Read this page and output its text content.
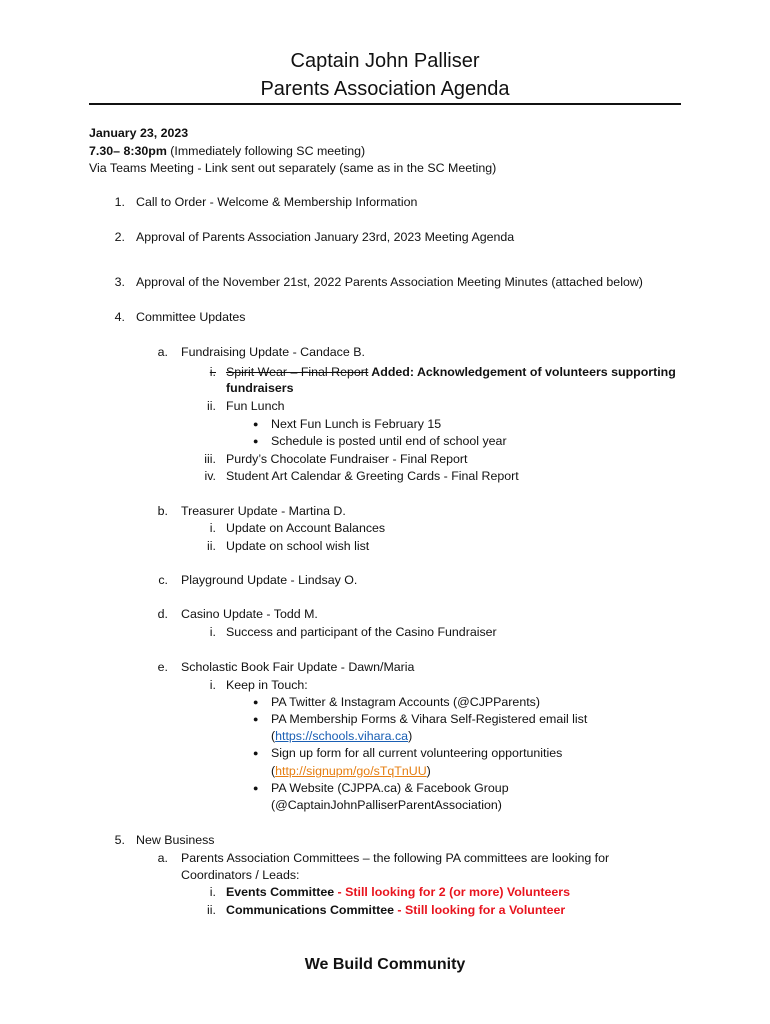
Captain John Palliser
Parents Association Agenda
January 23, 2023
7.30– 8:30pm (Immediately following SC meeting)
Via Teams Meeting - Link sent out separately (same as in the SC Meeting)
1. Call to Order - Welcome & Membership Information
2. Approval of Parents Association January 23rd, 2023 Meeting Agenda
3. Approval of the November 21st, 2022 Parents Association Meeting Minutes (attached below)
4. Committee Updates
a. Fundraising Update - Candace B.
i. Spirit Wear – Final Report Added: Acknowledgement of volunteers supporting
fundraisers
ii. Fun Lunch
● Next Fun Lunch is February 15
● Schedule is posted until end of school year
iii. Purdy’s Chocolate Fundraiser - Final Report
iv. Student Art Calendar & Greeting Cards - Final Report
b. Treasurer Update - Martina D.
i. Update on Account Balances
ii. Update on school wish list
c. Playground Update - Lindsay O.
d. Casino Update - Todd M.
i. Success and participant of the Casino Fundraiser
e. Scholastic Book Fair Update - Dawn/Maria
i. Keep in Touch:
● PA Twitter & Instagram Accounts (@CJPParents)
● PA Membership Forms & Vihara Self-Registered email list
(https://schools.vihara.ca)
● Sign up form for all current volunteering opportunities
(http://signupm/go/sTqTnUU)
● PA Website (CJPPA.ca) & Facebook Group
(@CaptainJohnPalliserParentAssociation)
5. New Business
a. Parents Association Committees – the following PA committees are looking for
Coordinators / Leads:
i. Events Committee - Still looking for 2 (or more) Volunteers
ii. Communications Committee - Still looking for a Volunteer
We Build Community
